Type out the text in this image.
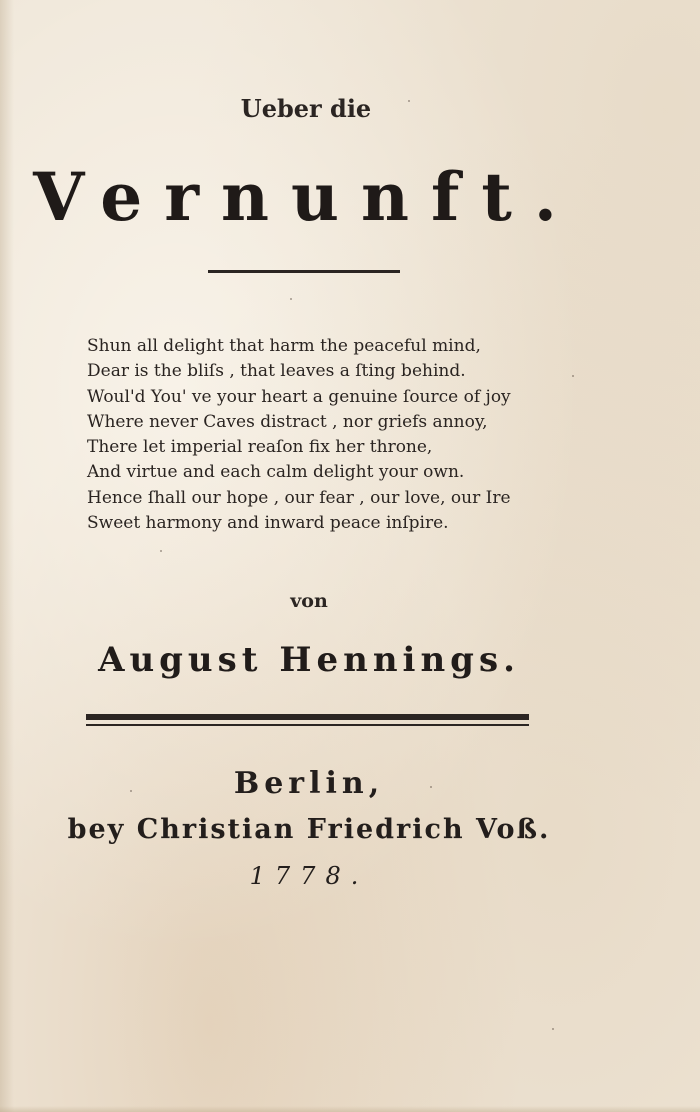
Ueber die
Vernunft.
Shun all delight that harm the peaceful mind,
Dear is the bliſs , that leaves a ſting behind.
Woul'd You' ve your heart a genuine ſource of joy
Where never Caves distract , nor griefs annoy,
There let imperial reaſon fix her throne,
And virtue and each calm delight your own.
Hence ſhall our hope , our fear , our love, our Ire
Sweet harmony and inward peace inſpire.
von
August Hennings.
Berlin,
bey Christian Friedrich Voß.
1778.
